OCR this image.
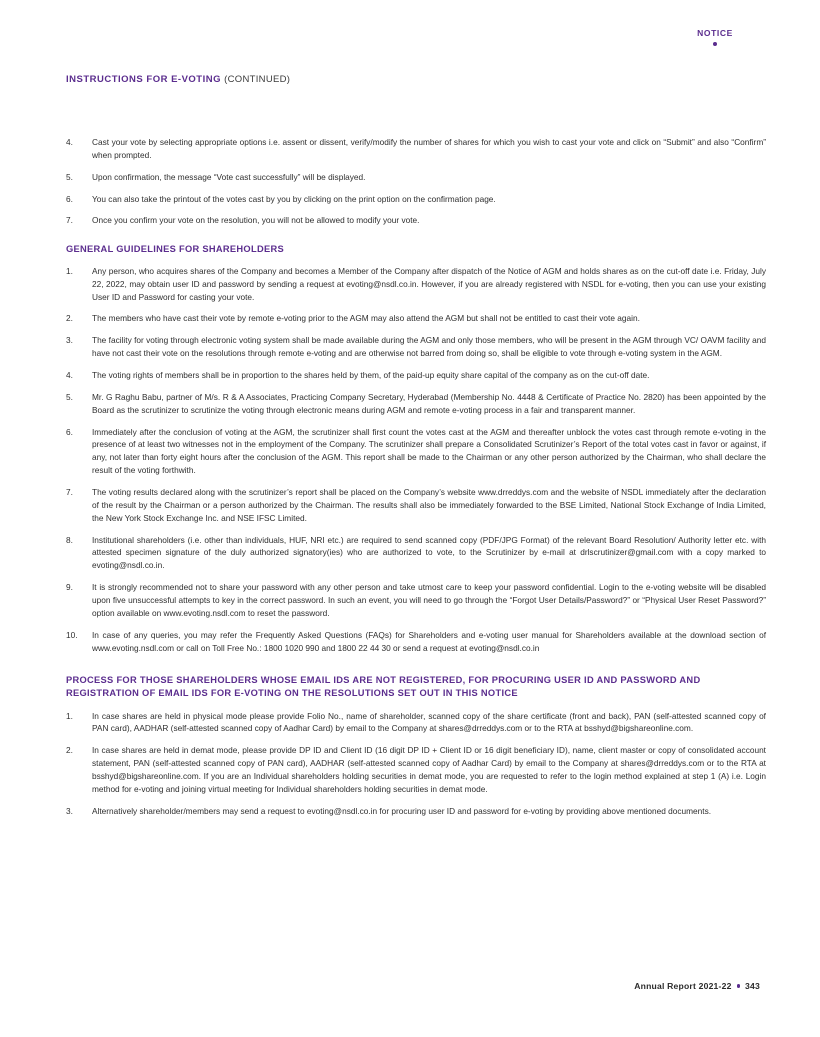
NOTICE
INSTRUCTIONS FOR E-VOTING (CONTINUED)
4.	Cast your vote by selecting appropriate options i.e. assent or dissent, verify/modify the number of shares for which you wish to cast your vote and click on “Submit” and also “Confirm” when prompted.
5.	Upon confirmation, the message “Vote cast successfully” will be displayed.
6.	You can also take the printout of the votes cast by you by clicking on the print option on the confirmation page.
7.	Once you confirm your vote on the resolution, you will not be allowed to modify your vote.
GENERAL GUIDELINES FOR SHAREHOLDERS
1.	Any person, who acquires shares of the Company and becomes a Member of the Company after dispatch of the Notice of AGM and holds shares as on the cut-off date i.e. Friday, July 22, 2022, may obtain user ID and password by sending a request at evoting@nsdl.co.in. However, if you are already registered with NSDL for e-voting, then you can use your existing User ID and Password for casting your vote.
2.	The members who have cast their vote by remote e-voting prior to the AGM may also attend the AGM but shall not be entitled to cast their vote again.
3.	The facility for voting through electronic voting system shall be made available during the AGM and only those members, who will be present in the AGM through VC/ OAVM facility and have not cast their vote on the resolutions through remote e-voting and are otherwise not barred from doing so, shall be eligible to vote through e-voting system in the AGM.
4.	The voting rights of members shall be in proportion to the shares held by them, of the paid-up equity share capital of the company as on the cut-off date.
5.	Mr. G Raghu Babu, partner of M/s. R & A Associates, Practicing Company Secretary, Hyderabad (Membership No. 4448 & Certificate of Practice No. 2820) has been appointed by the Board as the scrutinizer to scrutinize the voting through electronic means during AGM and remote e-voting process in a fair and transparent manner.
6.	Immediately after the conclusion of voting at the AGM, the scrutinizer shall first count the votes cast at the AGM and thereafter unblock the votes cast through remote e-voting in the presence of at least two witnesses not in the employment of the Company. The scrutinizer shall prepare a Consolidated Scrutinizer’s Report of the total votes cast in favor or against, if any, not later than forty eight hours after the conclusion of the AGM. This report shall be made to the Chairman or any other person authorized by the Chairman, who shall declare the result of the voting forthwith.
7.	The voting results declared along with the scrutinizer’s report shall be placed on the Company’s website www.drreddys.com and the website of NSDL immediately after the declaration of the result by the Chairman or a person authorized by the Chairman. The results shall also be immediately forwarded to the BSE Limited, National Stock Exchange of India Limited, the New York Stock Exchange Inc. and NSE IFSC Limited.
8.	Institutional shareholders (i.e. other than individuals, HUF, NRI etc.) are required to send scanned copy (PDF/JPG Format) of the relevant Board Resolution/ Authority letter etc. with attested specimen signature of the duly authorized signatory(ies) who are authorized to vote, to the Scrutinizer by e-mail at drlscrutinizer@gmail.com with a copy marked to evoting@nsdl.co.in.
9.	It is strongly recommended not to share your password with any other person and take utmost care to keep your password confidential. Login to the e-voting website will be disabled upon five unsuccessful attempts to key in the correct password. In such an event, you will need to go through the “Forgot User Details/Password?” or “Physical User Reset Password?” option available on www.evoting.nsdl.com to reset the password.
10.	In case of any queries, you may refer the Frequently Asked Questions (FAQs) for Shareholders and e-voting user manual for Shareholders available at the download section of www.evoting.nsdl.com or call on Toll Free No.: 1800 1020 990 and 1800 22 44 30 or send a request at evoting@nsdl.co.in
PROCESS FOR THOSE SHAREHOLDERS WHOSE EMAIL IDS ARE NOT REGISTERED, FOR PROCURING USER ID AND PASSWORD AND REGISTRATION OF EMAIL IDS FOR E-VOTING ON THE RESOLUTIONS SET OUT IN THIS NOTICE
1.	In case shares are held in physical mode please provide Folio No., name of shareholder, scanned copy of the share certificate (front and back), PAN (self-attested scanned copy of PAN card), AADHAR (self-attested scanned copy of Aadhar Card) by email to the Company at shares@drreddys.com or to the RTA at bsshyd@bigshareonline.com.
2.	In case shares are held in demat mode, please provide DP ID and Client ID (16 digit DP ID + Client ID or 16 digit beneficiary ID), name, client master or copy of consolidated account statement, PAN (self-attested scanned copy of PAN card), AADHAR (self-attested scanned copy of Aadhar Card) by email to the Company at shares@drreddys.com or to the RTA at bsshyd@bigshareonline.com. If you are an Individual shareholders holding securities in demat mode, you are requested to refer to the login method explained at step 1 (A) i.e. Login method for e-voting and joining virtual meeting for Individual shareholders holding securities in demat mode.
3.	Alternatively shareholder/members may send a request to evoting@nsdl.co.in for procuring user ID and password for e-voting by providing above mentioned documents.
Annual Report 2021-22 343
